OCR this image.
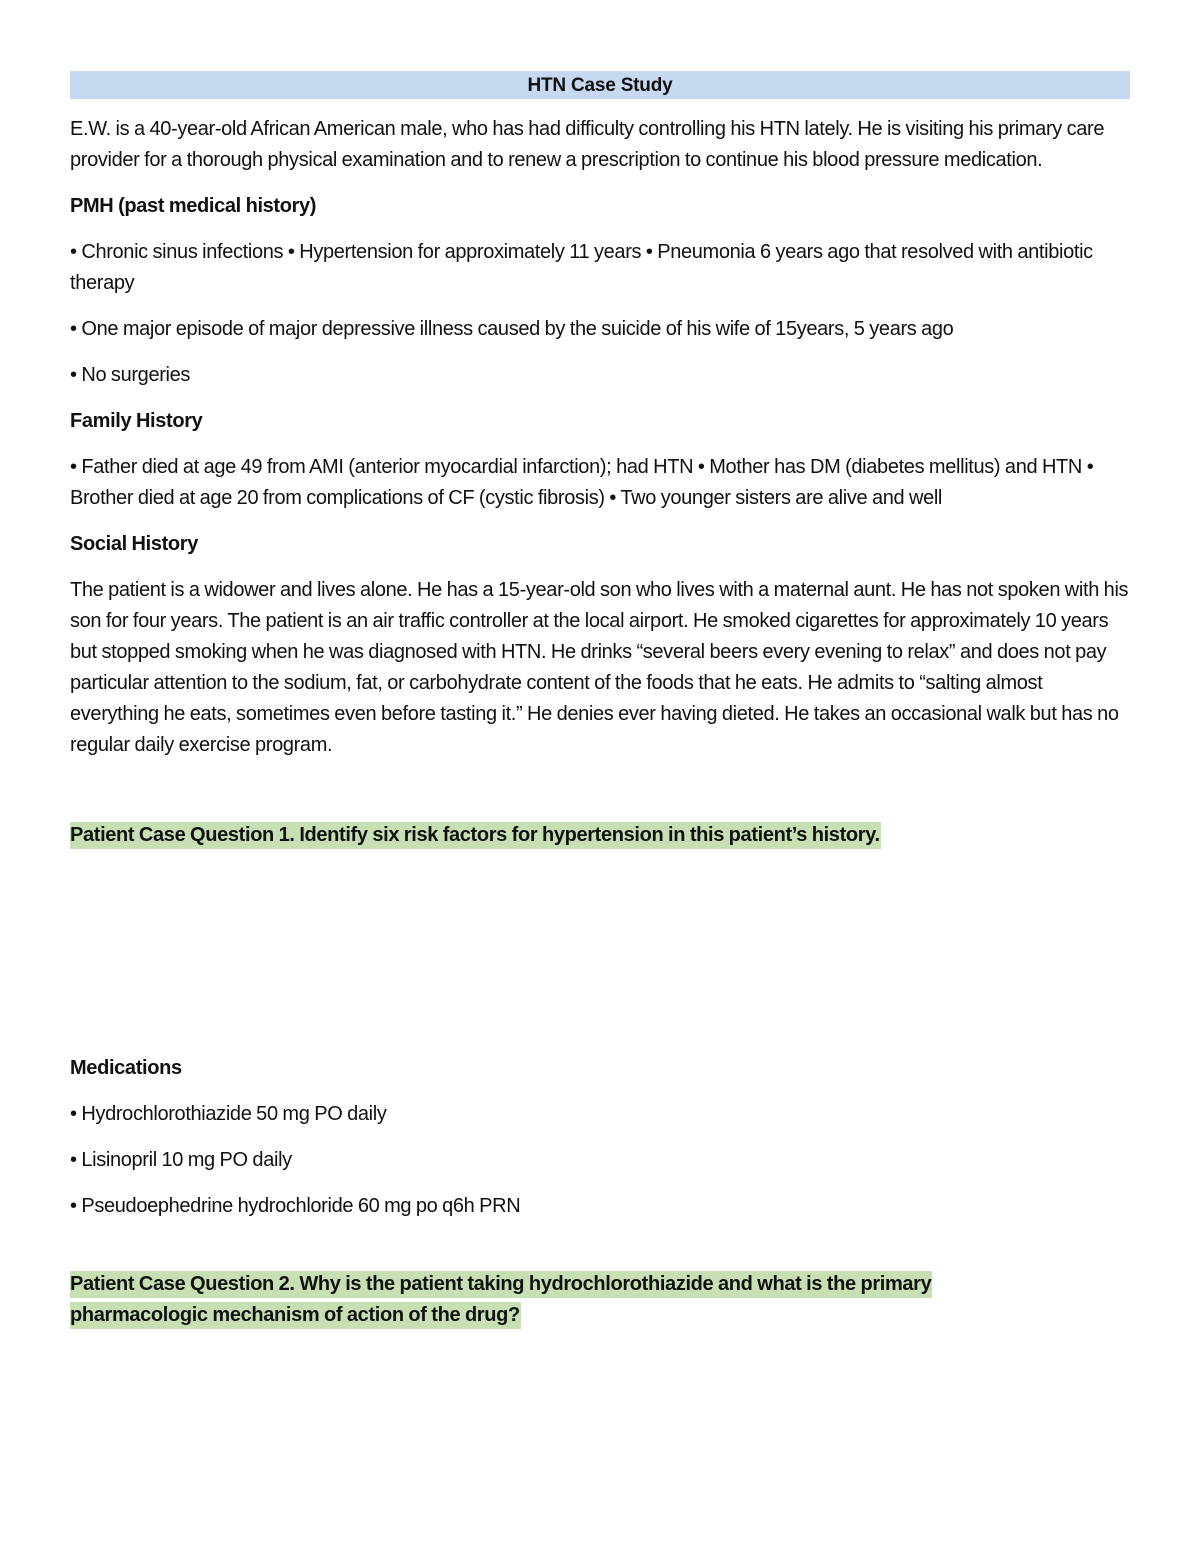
HTN Case Study

E.W. is a 40-year-old African American male, who has had difficulty controlling his HTN lately. He is visiting his primary care provider for a thorough physical examination and to renew a prescription to continue his blood pressure medication.

PMH (past medical history)

• Chronic sinus infections • Hypertension for approximately 11 years • Pneumonia 6 years ago that resolved with antibiotic therapy

• One major episode of major depressive illness caused by the suicide of his wife of 15years, 5 years ago

• No surgeries

Family History

• Father died at age 49 from AMI (anterior myocardial infarction); had HTN • Mother has DM (diabetes mellitus) and HTN • Brother died at age 20 from complications of CF (cystic fibrosis) • Two younger sisters are alive and well

Social History

The patient is a widower and lives alone. He has a 15-year-old son who lives with a maternal aunt. He has not spoken with his son for four years. The patient is an air traffic controller at the local airport. He smoked cigarettes for approximately 10 years but stopped smoking when he was diagnosed with HTN. He drinks “several beers every evening to relax” and does not pay particular attention to the sodium, fat, or carbohydrate content of the foods that he eats. He admits to “salting almost everything he eats, sometimes even before tasting it.” He denies ever having dieted. He takes an occasional walk but has no regular daily exercise program.

Patient Case Question 1. Identify six risk factors for hypertension in this patient’s history.

Medications

• Hydrochlorothiazide 50 mg PO daily

• Lisinopril 10 mg PO daily

• Pseudoephedrine hydrochloride 60 mg po q6h PRN

Patient Case Question 2. Why is the patient taking hydrochlorothiazide and what is the primary pharmacologic mechanism of action of the drug?
